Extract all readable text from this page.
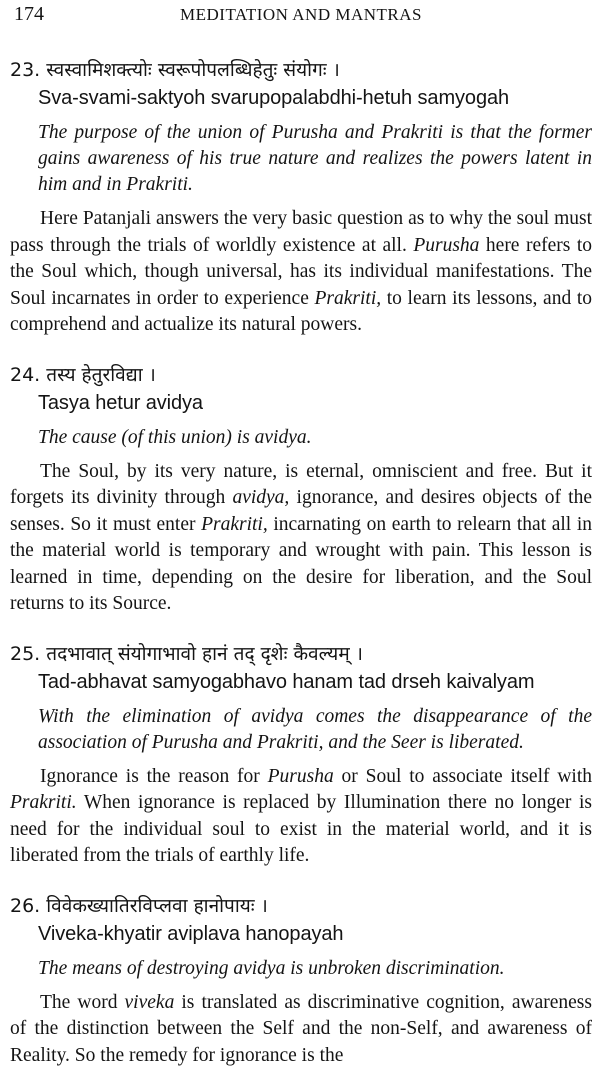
174	MEDITATION AND MANTRAS
23. स्वस्वामिशक्त्योः स्वरूपोपलब्धिहेतुः संयोगः ।
Sva-svami-saktyoh svarupopalabdhi-hetuh samyogah
The purpose of the union of Purusha and Prakriti is that the former gains awareness of his true nature and realizes the powers latent in him and in Prakriti.

Here Patanjali answers the very basic question as to why the soul must pass through the trials of worldly existence at all. Purusha here refers to the Soul which, though universal, has its individual manifestations. The Soul incarnates in order to experience Prakriti, to learn its lessons, and to comprehend and actualize its natural powers.

24. तस्य हेतुरविद्या ।
Tasya hetur avidya
The cause (of this union) is avidya.

The Soul, by its very nature, is eternal, omniscient and free. But it forgets its divinity through avidya, ignorance, and desires objects of the senses. So it must enter Prakriti, incarnating on earth to relearn that all in the material world is temporary and wrought with pain. This lesson is learned in time, depending on the desire for liberation, and the Soul returns to its Source.

25. तदभावात् संयोगाभावो हानं तद् दृशेः कैवल्यम् ।
Tad-abhavat samyogabhavo hanam tad drseh kaivalyam
With the elimination of avidya comes the disappearance of the association of Purusha and Prakriti, and the Seer is liberated.

Ignorance is the reason for Purusha or Soul to associate itself with Prakriti. When ignorance is replaced by Illumination there no longer is need for the individual soul to exist in the material world, and it is liberated from the trials of earthly life.

26. विवेकख्यातिरविप्लवा हानोपायः ।
Viveka-khyatir aviplava hanopayah
The means of destroying avidya is unbroken discrimination.

The word viveka is translated as discriminative cognition, awareness of the distinction between the Self and the non-Self, and awareness of Reality. So the remedy for ignorance is the
